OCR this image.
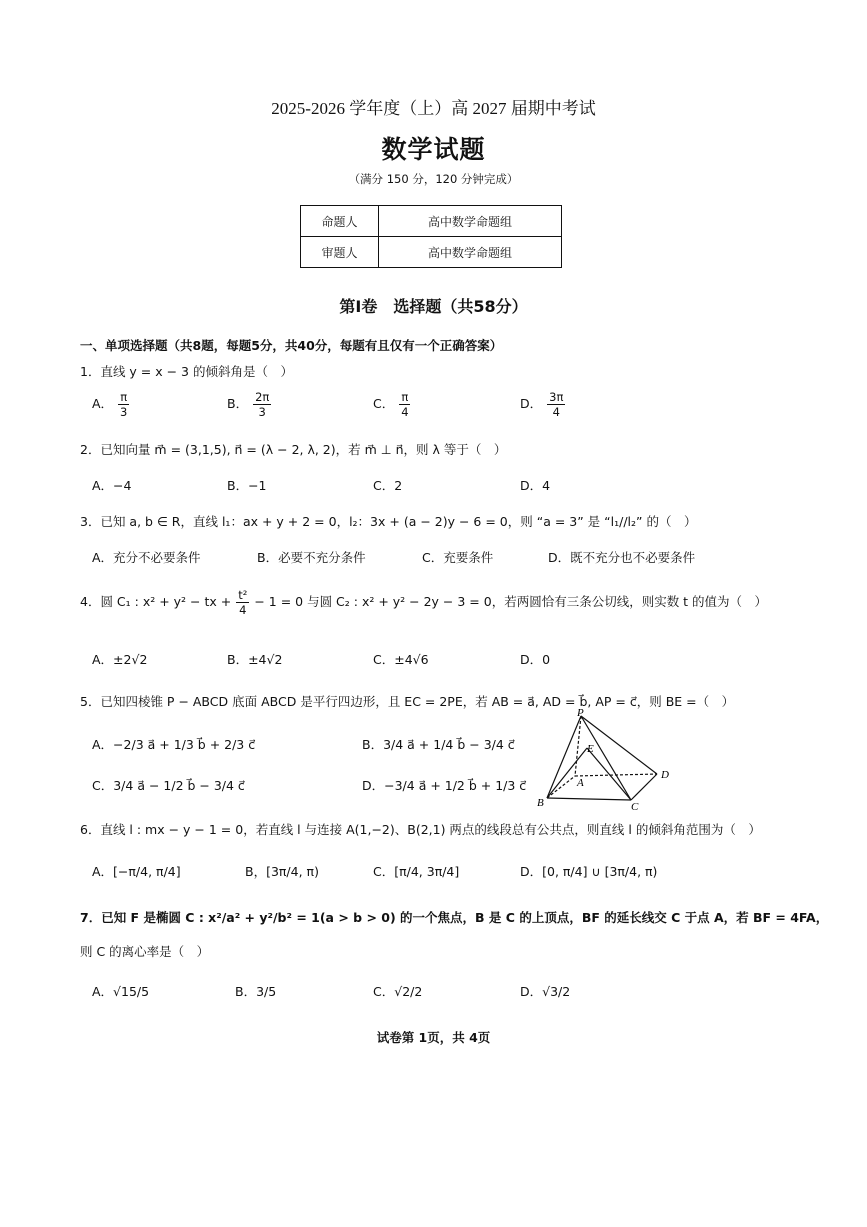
2025-2026 学年度（上）高 2027 届期中考试
数学试题
（满分 150 分，120 分钟完成）
命题人	高中数学命题组
审题人	高中数学命题组
第Ⅰ卷　选择题（共58分）
一、单项选择题（共8题，每题5分，共40分，每题有且仅有一个正确答案）
1．直线 y = x − 3 的倾斜角是（　）
A． $\frac{\pi}{3}$	B． $\frac{2\pi}{3}$	C． $\frac{\pi}{4}$	D． $\frac{3\pi}{4}$
2．已知向量 m⃗ = (3,1,5), n⃗ = (λ − 2, λ, 2)，若 m⃗ ⊥ n⃗，则 λ 等于（　）
A．−4	B．−1	C．2	D．4
3．已知 a, b ∈ R，直线 l₁：ax + y + 2 = 0，l₂：3x + (a − 2)y − 6 = 0，则 “a = 3” 是 “l₁//l₂” 的（　）
A．充分不必要条件	B．必要不充分条件	C．充要条件	D．既不充分也不必要条件
4．圆 C₁ : x² + y² − tx + $\frac{\text{t²}}{4} - 1 = 0$ 与圆 C₂ : x² + y² − 2y − 3 = 0，若两圆恰有三条公切线，则实数 t 的值为（　）
A．±2√2	B．±4√2	C．±4√6	D．0
5．已知四棱锥 P − ABCD 底面 ABCD 是平行四边形，且 EC = 2PE，若 AB = a⃗, AD = b⃗, AP = c⃗，则 BE =（　）
A．−2/3 a⃗ + 1/3 b⃗ + 2/3 c⃗	B．3/4 a⃗ + 1/4 b⃗ − 3/4 c⃗
C．3/4 a⃗ − 1/2 b⃗ − 3/4 c⃗	D．−3/4 a⃗ + 1/2 b⃗ + 1/3 c⃗
P
E
A
B	C
D
6．直线 l : mx − y − 1 = 0，若直线 l 与连接 A(1,−2)、B(2,1) 两点的线段总有公共点，则直线 l 的倾斜角范围为（　）
A．[−π/4, π/4]	B，[3π/4, π)	C．[π/4, 3π/4]	D．[0, π/4] ∪ [3π/4, π)
7．已知 F 是椭圆 C : x²/a² + y²/b² = 1(a > b > 0) 的一个焦点，B 是 C 的上顶点，BF 的延长线交 C 于点 A，若 BF = 4FA，
则 C 的离心率是（　）
A．√15/5	B．3/5	C．√2/2	D．√3/2
试卷第 1页，共 4页
